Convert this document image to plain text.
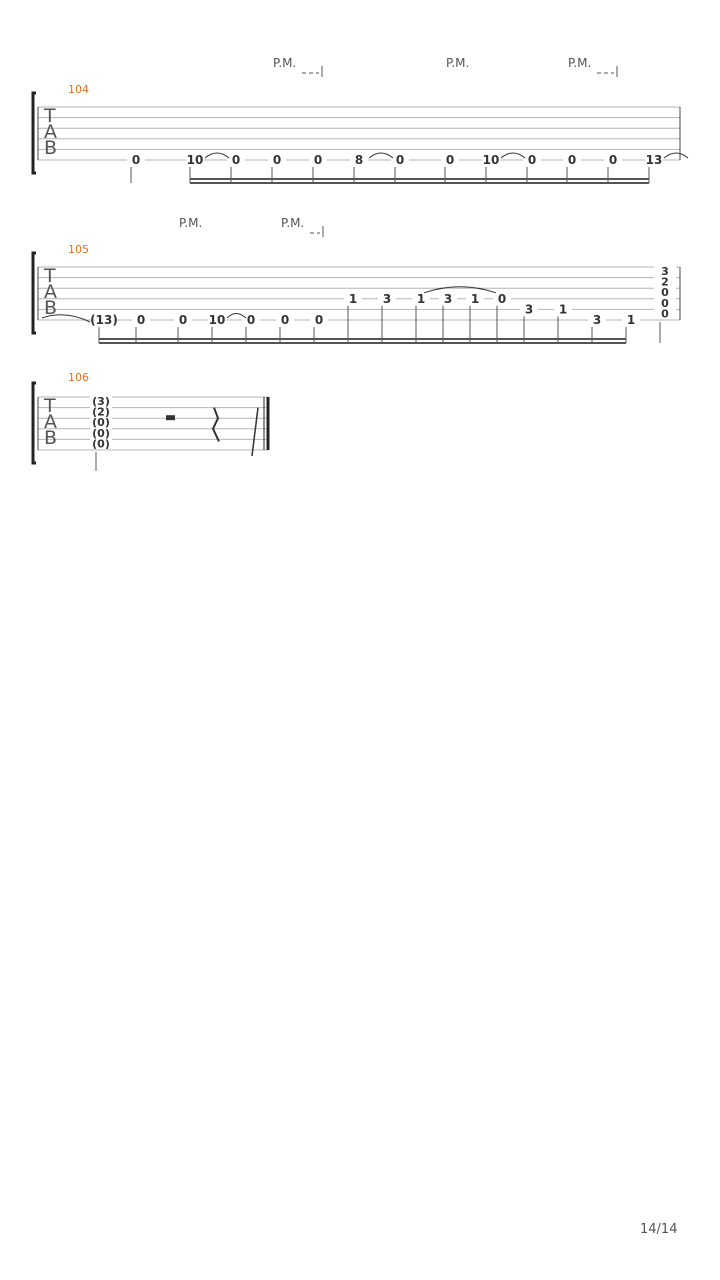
T
A
B
104
P.M.	P.M.	P.M.
0	10 0	0	0	8	0	0 10 0	0	0 13
T
A
B
105
P.M.	P.M.
(13) 0	0 10 0 0 0
1 3 1 3 1 0
3 1
3 1
3
2
0
0
0
T
A
B
106
(3)
(2)
(0)
(0)
(0)
14/14
